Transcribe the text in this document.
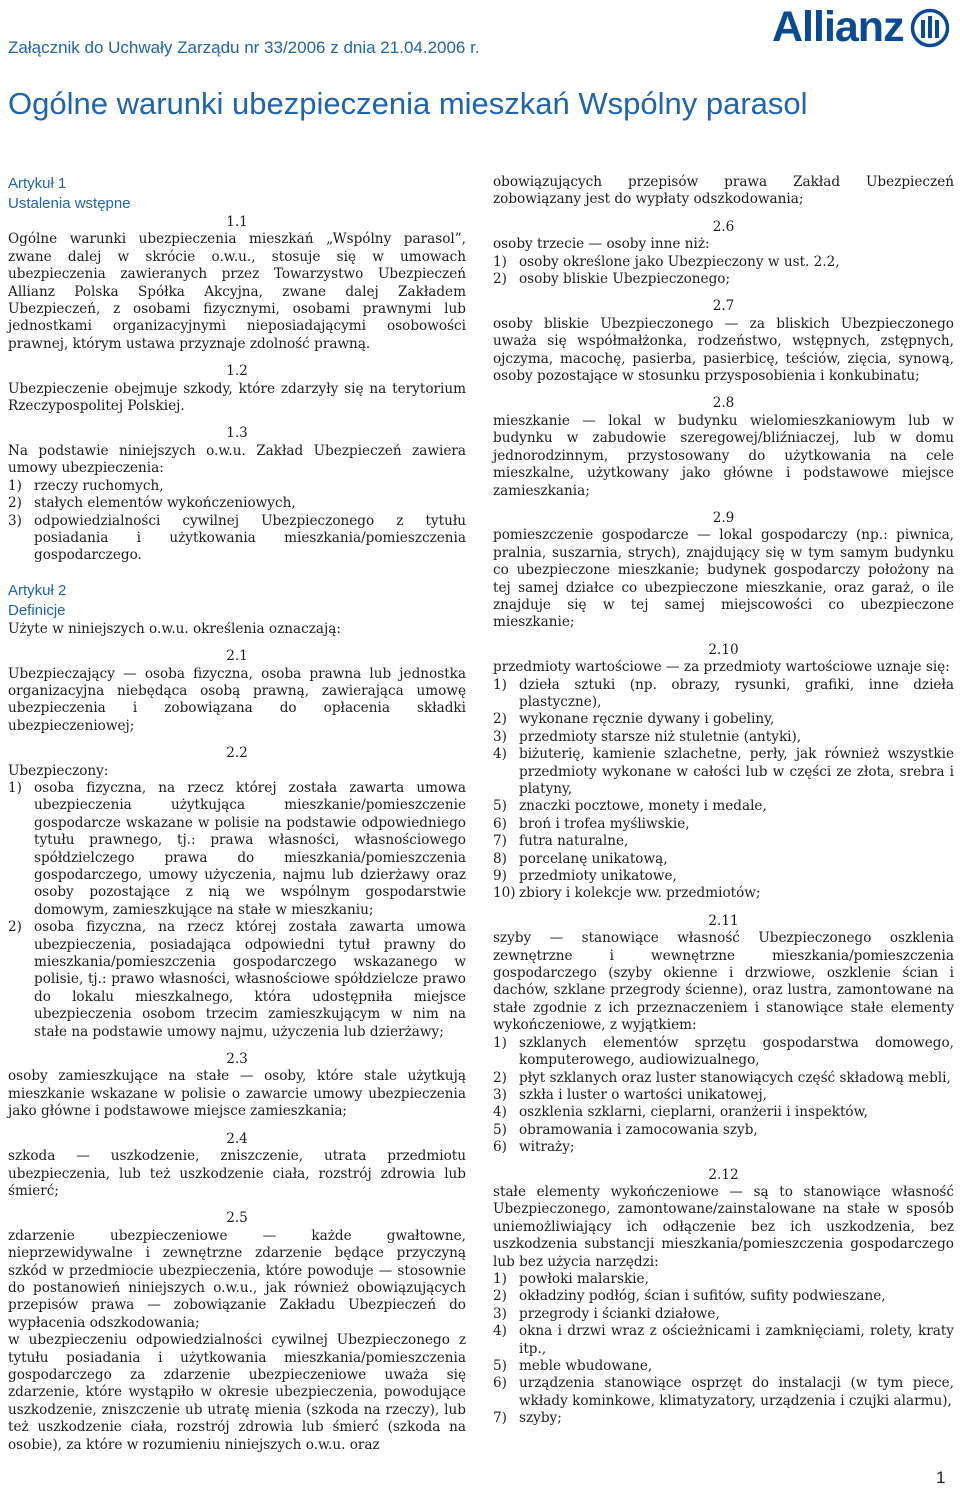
Załącznik do Uchwały Zarządu nr 33/2006 z dnia 21.04.2006 r.	Allianz
Ogólne warunki ubezpieczenia mieszkań Wspólny parasol
Artykuł 1
Ustalenia wstępne
1.1

Ogólne warunki ubezpieczenia mieszkań „Wspólny parasol”, zwane dalej w skrócie o.w.u., stosuje się w umowach ubezpieczenia zawieranych przez Towarzystwo Ubezpieczeń Allianz Polska Spółka Akcyjna, zwane dalej Zakładem Ubezpieczeń, z osobami fizycznymi, osobami prawnymi lub jednostkami organizacyjnymi nieposiadającymi osobowości prawnej, którym ustawa przyznaje zdolność prawną.

1.2

Ubezpieczenie obejmuje szkody, które zdarzyły się na terytorium Rzeczypospolitej Polskiej.

1.3

Na podstawie niniejszych o.w.u. Zakład Ubezpieczeń zawiera umowy ubezpieczenia:

1) rzeczy ruchomych,
2) stałych elementów wykończeniowych,
3) odpowiedzialności cywilnej Ubezpieczonego z tytułu posiadania i użytkowania mieszkania/pomieszczenia gospodarczego.
Artykuł 2
Definicje

Użyte w niniejszych o.w.u. określenia oznaczają:

2.1

Ubezpieczający — osoba fizyczna, osoba prawna lub jednostka organizacyjna niebędąca osobą prawną, zawierająca umowę ubezpieczenia i zobowiązana do opłacenia składki ubezpieczeniowej;

2.2

Ubezpieczony:

1) osoba fizyczna, na rzecz której została zawarta umowa ubezpieczenia użytkująca mieszkanie/pomieszczenie gospodarcze wskazane w polisie na podstawie odpowiedniego tytułu prawnego, tj.: prawa własności, własnościowego spółdzielczego prawa do mieszkania/pomieszczenia gospodarczego, umowy użyczenia, najmu lub dzierżawy oraz osoby pozostające z nią we wspólnym gospodarstwie domowym, zamieszkujące na stałe w mieszkaniu;
2) osoba fizyczna, na rzecz której została zawarta umowa ubezpieczenia, posiadająca odpowiedni tytuł prawny do mieszkania/pomieszczenia gospodarczego wskazanego w polisie, tj.: prawo własności, własnościowe spółdzielcze prawo do lokalu mieszkalnego, która udostępniła miejsce ubezpieczenia osobom trzecim zamieszkującym w nim na stałe na podstawie umowy najmu, użyczenia lub dzierżawy;
2.3

osoby zamieszkujące na stałe — osoby, które stale użytkują mieszkanie wskazane w polisie o zawarcie umowy ubezpieczenia jako główne i podstawowe miejsce zamieszkania;

2.4

szkoda — uszkodzenie, zniszczenie, utrata przedmiotu ubezpieczenia, lub też uszkodzenie ciała, rozstrój zdrowia lub śmierć;

2.5

zdarzenie ubezpieczeniowe — każde gwałtowne, nieprzewidywalne i zewnętrzne zdarzenie będące przyczyną szkód w przedmiocie ubezpieczenia, które powoduje — stosownie do postanowień niniejszych o.w.u., jak również obowiązujących przepisów prawa — zobowiązanie Zakładu Ubezpieczeń do wypłacenia odszkodowania;

w ubezpieczeniu odpowiedzialności cywilnej Ubezpieczonego z tytułu posiadania i użytkowania mieszkania/pomieszczenia gospodarczego za zdarzenie ubezpieczeniowe uważa się zdarzenie, które wystąpiło w okresie ubezpieczenia, powodujące uszkodzenie, zniszczenie ub utratę mienia (szkoda na rzeczy), lub też uszkodzenie ciała, rozstrój zdrowia lub śmierć (szkoda na osobie), za które w rozumieniu niniejszych o.w.u. oraz

obowiązujących przepisów prawa Zakład Ubezpieczeń zobowiązany jest do wypłaty odszkodowania;

2.6

osoby trzecie — osoby inne niż:

1) osoby określone jako Ubezpieczony w ust. 2.2,
2) osoby bliskie Ubezpieczonego;
2.7

osoby bliskie Ubezpieczonego — za bliskich Ubezpieczonego uważa się współmałżonka, rodzeństwo, wstępnych, zstępnych, ojczyma, macochę, pasierba, pasierbicę, teściów, zięcia, synową, osoby pozostające w stosunku przysposobienia i konkubinatu;

2.8

mieszkanie — lokal w budynku wielomieszkaniowym lub w budynku w zabudowie szeregowej/bliźniaczej, lub w domu jednorodzinnym, przystosowany do użytkowania na cele mieszkalne, użytkowany jako główne i podstawowe miejsce zamieszkania;

2.9

pomieszczenie gospodarcze — lokal gospodarczy (np.: piwnica, pralnia, suszarnia, strych), znajdujący się w tym samym budynku co ubezpieczone mieszkanie; budynek gospodarczy położony na tej samej działce co ubezpieczone mieszkanie, oraz garaż, o ile znajduje się w tej samej miejscowości co ubezpieczone mieszkanie;

2.10

przedmioty wartościowe — za przedmioty wartościowe uznaje się:

1) dzieła sztuki (np. obrazy, rysunki, grafiki, inne dzieła plastyczne),
2) wykonane ręcznie dywany i gobeliny,
3) przedmioty starsze niż stuletnie (antyki),
4) biżuterię, kamienie szlachetne, perły, jak również wszystkie przedmioty wykonane w całości lub w części ze złota, srebra i platyny,
5) znaczki pocztowe, monety i medale,
6) broń i trofea myśliwskie,
7) futra naturalne,
8) porcelanę unikatową,
9) przedmioty unikatowe,
10) zbiory i kolekcje ww. przedmiotów;
2.11

szyby — stanowiące własność Ubezpieczonego oszklenia zewnętrzne i wewnętrzne mieszkania/pomieszczenia gospodarczego (szyby okienne i drzwiowe, oszklenie ścian i dachów, szklane przegrody ścienne), oraz lustra, zamontowane na stałe zgodnie z ich przeznaczeniem i stanowiące stałe elementy wykończeniowe, z wyjątkiem:

1) szklanych elementów sprzętu gospodarstwa domowego, komputerowego, audiowizualnego,
2) płyt szklanych oraz luster stanowiących część składową mebli,
3) szkła i luster o wartości unikatowej,
4) oszklenia szklarni, cieplarni, oranżerii i inspektów,
5) obramowania i zamocowania szyb,
6) witraży;
2.12

stałe elementy wykończeniowe — są to stanowiące własność Ubezpieczonego, zamontowane/zainstalowane na stałe w sposób uniemożliwiający ich odłączenie bez ich uszkodzenia, bez uszkodzenia substancji mieszkania/pomieszczenia gospodarczego lub bez użycia narzędzi:

1) powłoki malarskie,
2) okładziny podłóg, ścian i sufitów, sufity podwieszane,
3) przegrody i ścianki działowe,
4) okna i drzwi wraz z ościeżnicami i zamknięciami, rolety, kraty itp.,
5) meble wbudowane,
6) urządzenia stanowiące osprzęt do instalacji (w tym piece, wkłady kominkowe, klimatyzatory, urządzenia i czujki alarmu),
7) szyby;
1
